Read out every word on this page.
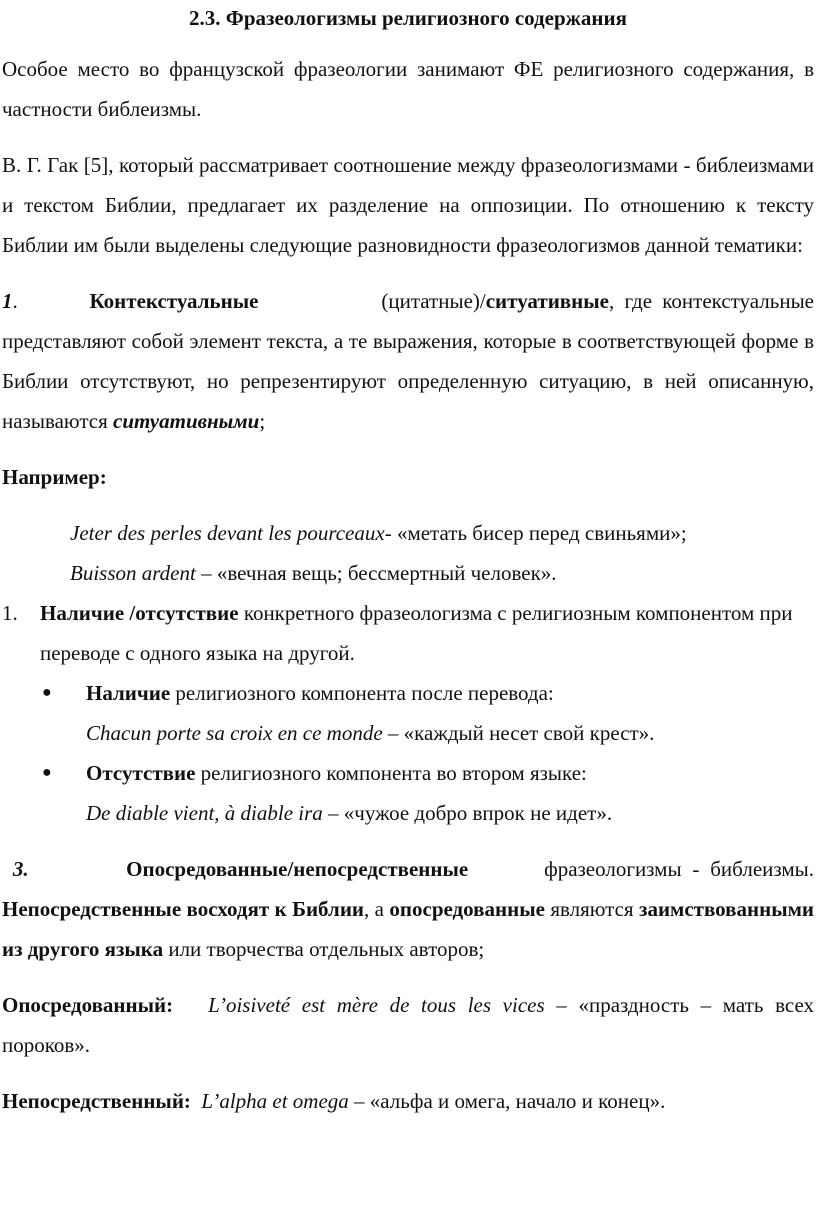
2.3. Фразеологизмы религиозного содержания

Особое место во французской фразеологии занимают ФЕ религиозного содержания, в частности библеизмы.

В. Г. Гак [5], который рассматривает соотношение между фразеологизмами - библеизмами и текстом Библии, предлагает их разделение на оппозиции. По отношению к тексту Библии им были выделены следующие разновидности фразеологизмов данной тематики:

1.	Контекстуальные	(цитатные)/ситуативные, где контекстуальные представляют собой элемент текста, а те выражения, которые в соответствующей форме в Библии отсутствуют, но репрезентируют определенную ситуацию, в ней описанную, называются ситуативными;

Например:

Jeter des perles devant les pourceaux- «метать бисер перед свиньями»;

Buisson ardent – «вечная вещь; бессмертный человек».

1.	Наличие /отсутствие конкретного фразеологизма с религиозным компонентом при переводе с одного языка на другой.
●	Наличие религиозного компонента после перевода:
Chacun porte sa croix en ce monde – «каждый несет свой крест».
●	Отсутствие религиозного компонента во втором языке:
De diable vient, à diable ira – «чужое добро впрок не идет».

3.	Опосредованные/непосредственные	фразеологизмы - библеизмы. Непосредственные восходят к Библии, а опосредованные являются заимствованными из другого языка или творчества отдельных авторов;

Опосредованный: L’oisiveté est mère de tous les vices – «праздность – мать всех пороков».

Непосредственный: L’alpha et omega – «альфа и омега, начало и конец».
